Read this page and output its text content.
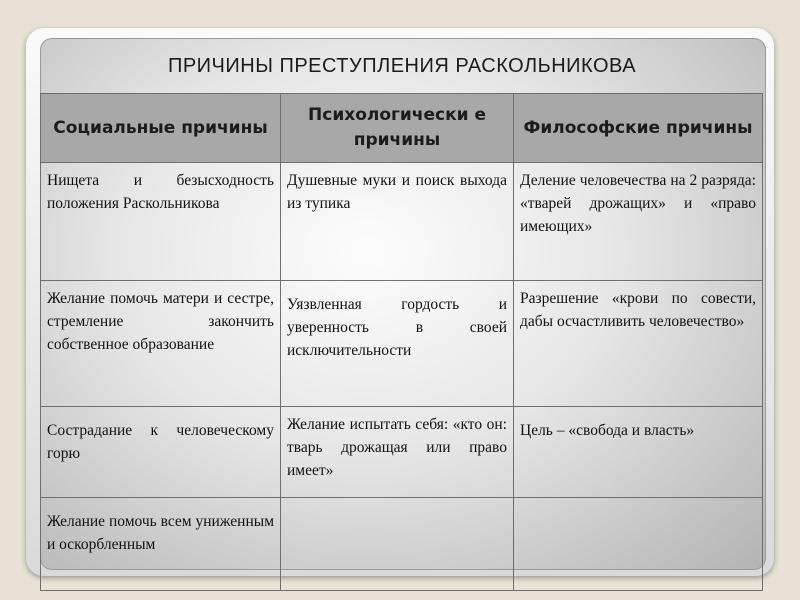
ПРИЧИНЫ ПРЕСТУПЛЕНИЯ РАСКОЛЬНИКОВА
Социальные причины	Психологически е причины	Философские причины
Нищета и безысходность положения Раскольникова	Душевные муки и поиск выхода из тупика	Деление человечества на 2 разряда: «тварей дрожащих» и «право имеющих»
Желание помочь матери и сестре, стремление закончить собственное образование	Уязвленная гордость и уверенность в своей исключительности	Разрешение «крови по совести, дабы осчастливить человечество»
Сострадание к человеческому горю	Желание испытать себя: «кто он: тварь дрожащая или право имеет»	Цель – «свобода и власть»
Желание помочь всем униженным и оскорбленным		
